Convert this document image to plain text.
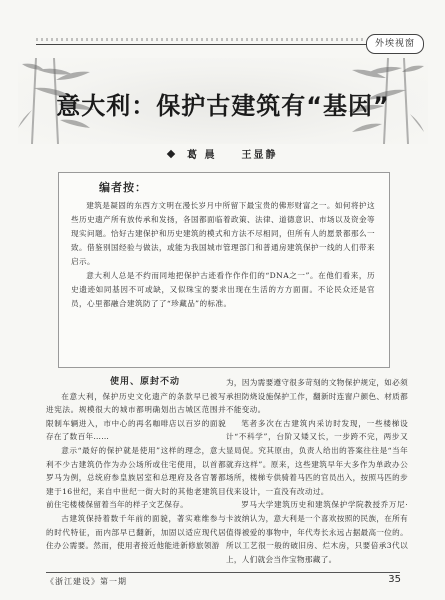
外埃视窗
意大利：保护古建筑有“基因”
葛 晨 王显静
编者按：

建筑是凝固的东西方文明在漫长岁月中所留下最宝贵的佛形财富之一。如何将护这些历史遗产所有放传承和发扬，各国都面临着政策、法律、道德意识、市场以及资金等现实问题。恰好古建保护和历史建筑的模式和方法不尽相同，但所有人的愿景都那么一致。借鉴别国经验与做法，或能为我国城市管理部门和普通房建筑保护一线的人们带来启示。

意大利人总是不约而同地把保护古迹看作作作们的“DNA之一”。在他们看来，历史遗迹如同基因不可或缺，又似珠宝的要求出现在生活的方方面面。不论民众还是官员，心里都融合建筑防了了“珍藏品”的标准。

使用、原封不动

在意大利，保护历史文化遗产的条款早已被写进宪法。规模很大的城市都明确划出古城区范围并限制车辆进入，市中心的再名咖啡店以百岁的面貌存在了数百年……

意示“最好的保护就是使用”这样的理念，意大利不少古建筑仍作为办公场所或住宅使用，以首都罗马为例，总统府参皇族居室和总理府及各官署都建于16世纪，来自中世纪一街大时的其他老建筑目前住宅楼楼保留着当年的样子文艺保存。

古建筑保持着数千年前的面貌，著实难维参与的时代特征，而内部早已翻新，加固以适应现代居住办公需要。然而，使用者接近他能进新修旅领游

为，因为需要遵守很多苛刻的文物保护规定，如必须承担防烧设施保护工作，翻新时连窗户颜色、材质都不能变动。

笔者多次在古建筑内采访时发现，一些楼梯设计“不科学”，台阶又矮又长，一步跨不完，两步又显局促。究其原由，负责人给出的答案往往是“当年就弃这样”。原来，这些建筑早年大多作为单政办公场所，楼梯专供骑着马匹的官员出入，按照马匹的步伐来设计，一直没有改动过。

罗马大学建筑历史和建筑保护学院教授乔万尼·卡波纳认为，意大利是一个喜欢按照的民族，在所有值得被爱的事物中，年代寿长永远占据最高一位的。所以工艺很一般的破旧房、烂木房，只要倍承3代以上，人们就会当作宝物那藏了。

《浙江建设》第一期	35
